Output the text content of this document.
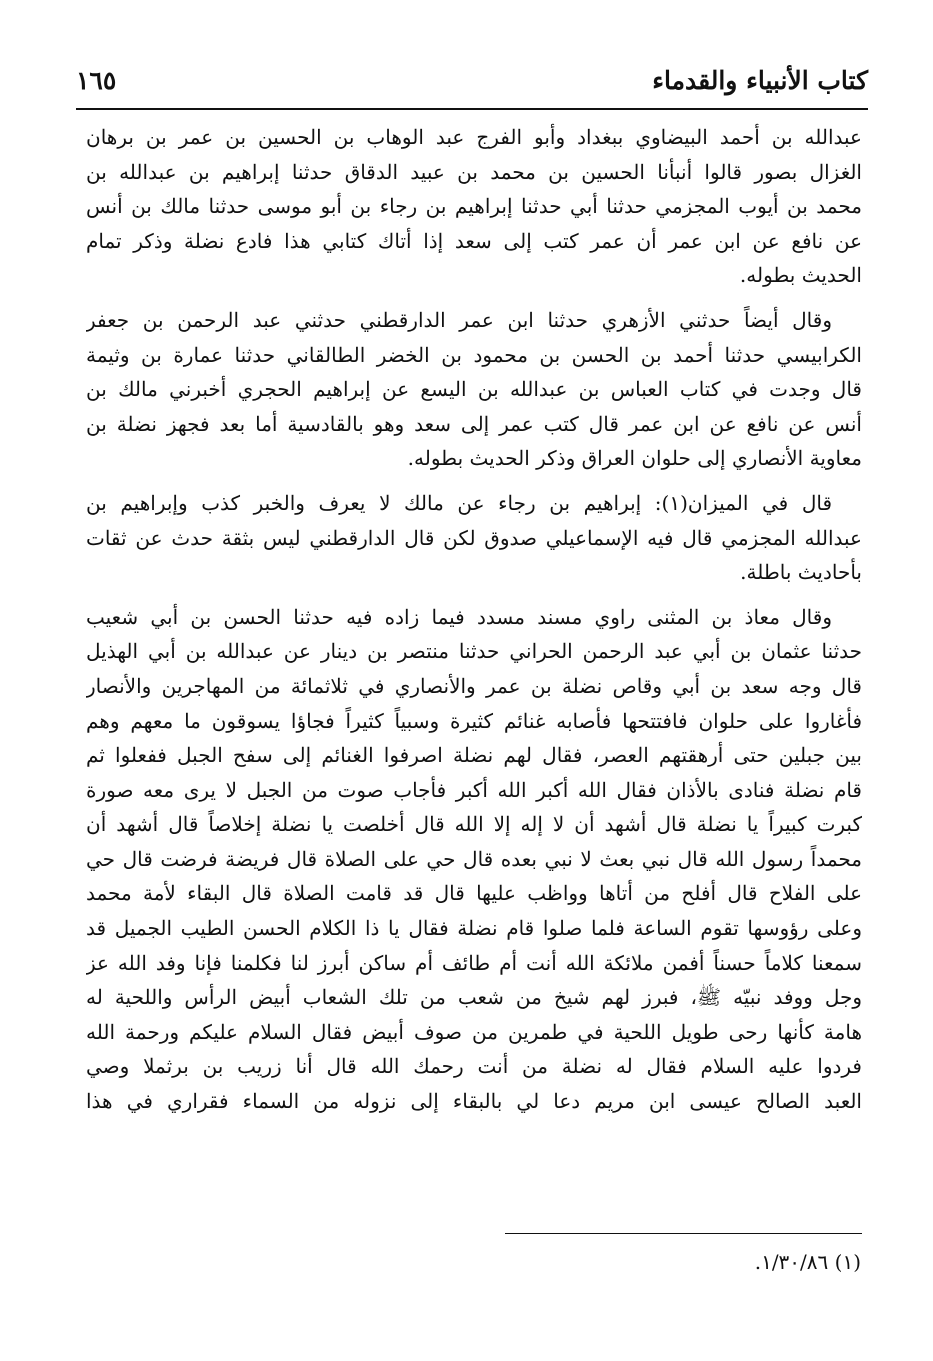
كتاب الأنبياء والقدماء
١٦٥

عبدالله بن أحمد البيضاوي ببغداد وأبو الفرج عبد الوهاب بن الحسين بن عمر بن برهان
الغزال بصور قالوا أنبأنا الحسين بن محمد بن عبيد الدقاق حدثنا إبراهيم بن عبدالله بن
محمد بن أيوب المجزمي حدثنا أبي حدثنا إبراهيم بن رجاء بن أبو موسى حدثنا مالك بن أنس
عن نافع عن ابن عمر أن عمر كتب إلى سعد إذا أتاك كتابي هذا فادع نضلة وذكر تمام
الحديث بطوله.

وقال أيضاً حدثني الأزهري حدثنا ابن عمر الدارقطني حدثني عبد الرحمن بن جعفر
الكرابيسي حدثنا أحمد بن الحسن بن محمود بن الخضر الطالقاني حدثنا عمارة بن وثيمة
قال وجدت في كتاب العباس بن عبدالله بن اليسع عن إبراهيم الحجري أخبرني مالك بن
أنس عن نافع عن ابن عمر قال كتب عمر إلى سعد وهو بالقادسية أما بعد فجهز نضلة بن
معاوية الأنصاري إلى حلوان العراق وذكر الحديث بطوله.

قال في الميزان(١): إبراهيم بن رجاء عن مالك لا يعرف والخبر كذب وإبراهيم بن
عبدالله المجزمي قال فيه الإسماعيلي صدوق لكن قال الدارقطني ليس بثقة حدث عن ثقات
بأحاديث باطلة.

وقال معاذ بن المثنى راوي مسند مسدد فيما زاده فيه حدثنا الحسن بن أبي شعيب
حدثنا عثمان بن أبي عبد الرحمن الحراني حدثنا منتصر بن دينار عن عبدالله بن أبي الهذيل
قال وجه سعد بن أبي وقاص نضلة بن عمر والأنصاري في ثلاثمائة من المهاجرين والأنصار
فأغاروا على حلوان فافتتحها فأصابه غنائم كثيرة وسبياً كثيراً فجاؤا يسوقون ما معهم وهم
بين جبلين حتى أرهقتهم العصر، فقال لهم نضلة اصرفوا الغنائم إلى سفح الجبل ففعلوا ثم
قام نضلة فنادى بالأذان فقال الله أكبر الله أكبر فأجاب صوت من الجبل لا يرى معه صورة
كبرت كبيراً يا نضلة قال أشهد أن لا إله إلا الله قال أخلصت يا نضلة إخلاصاً قال أشهد أن
محمداً رسول الله قال نبي بعث لا نبي بعده قال حي على الصلاة قال فريضة فرضت قال حي
على الفلاح قال أفلح من أتاها وواظب عليها قال قد قامت الصلاة قال البقاء لأمة محمد
وعلى رؤوسها تقوم الساعة فلما صلوا قام نضلة فقال يا ذا الكلام الحسن الطيب الجميل قد
سمعنا كلاماً حسناً أفمن ملائكة الله أنت أم طائف أم ساكن أبرز لنا فكلمنا فإنا وفد الله عز
وجل ووفد نبيّه ﷺ، فبرز لهم شيخ من شعب من تلك الشعاب أبيض الرأس واللحية له
هامة كأنها رحى طويل اللحية في طمرين من صوف أبيض فقال السلام عليكم ورحمة الله
فردوا عليه السلام فقال له نضلة من أنت رحمك الله قال أنا زريب بن برثملا وصي
العبد الصالح عيسى ابن مريم دعا لي بالبقاء إلى نزوله من السماء فقراري في هذا

(١) ١/٣٠/٨٦.
